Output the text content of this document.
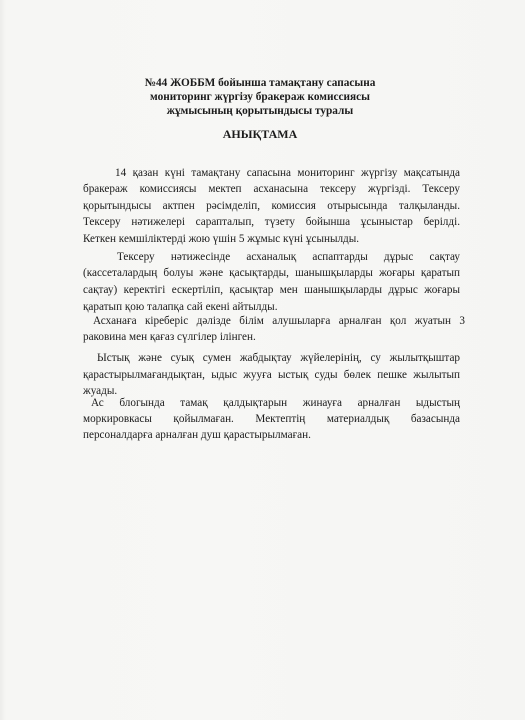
№44 ЖОББМ бойынша тамақтану сапасына
мониторинг жүргізу бракераж комиссиясы
жұмысының қорытындысы туралы
АНЫҚТАМА
14 қазан күні тамақтану сапасына мониторинг жүргізу мақсатында
бракераж комиссиясы мектеп асханасына тексеру жүргізді. Тексеру
қорытындысы актпен рәсімделіп, комиссия отырысында талқыланды.
Тексеру нәтижелері сарапталып, түзету бойынша ұсыныстар берілді.
Кеткен кемшіліктерді жою үшін 5 жұмыс күні ұсынылды.
Тексеру нәтижесінде асханалық аспаптарды дұрыс сақтау
(кассеталардың болуы және қасықтарды, шанышқыларды жоғары қаратып
сақтау) керектігі ескертіліп, қасықтар мен шанышқыларды дұрыс жоғары
қаратып қою талапқа сай екені айтылды.
Асханаға кіреберіс дәлізде білім алушыларға арналған қол жуатын 3
раковина мен қағаз сүлгілер ілінген.
Ыстық және суық сумен жабдықтау жүйелерінің, су жылытқыштар
қарастырылмағандықтан, ыдыс жууға ыстық суды бөлек пешке жылытып
жуады.
Ас блогында тамақ қалдықтарын жинауға арналған ыдыстың
моркировкасы қойылмаған. Мектептің материалдық базасында
персоналдарға арналған душ қарастырылмаған.
